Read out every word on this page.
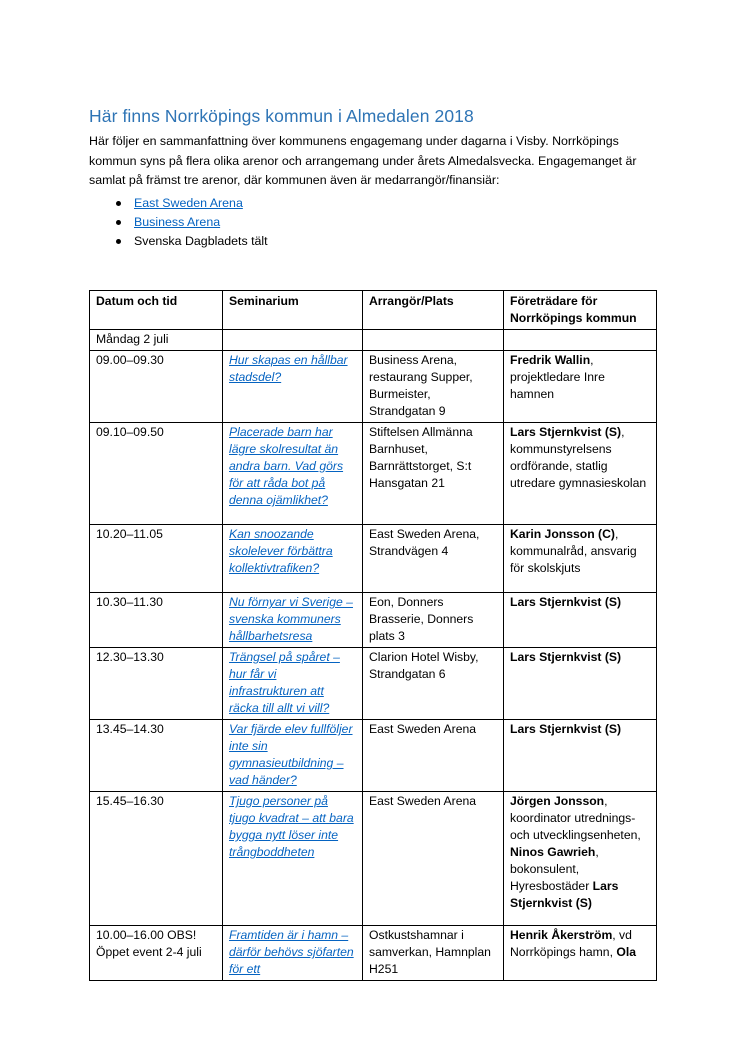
Här finns Norrköpings kommun i Almedalen 2018

Här följer en sammanfattning över kommunens engagemang under dagarna i Visby. Norrköpings kommun syns på flera olika arenor och arrangemang under årets Almedalsvecka. Engagemanget är samlat på främst tre arenor, där kommunen även är medarrangör/finansiär:

East Sweden Arena
Business Arena
Svenska Dagbladets tält
Datum och tid	Seminarium	Arrangör/Plats	Företrädare för Norrköpings kommun
Måndag 2 juli			
09.00–09.30	Hur skapas en hållbar stadsdel?	Business Arena, restaurang Supper, Burmeister, Strandgatan 9	Fredrik Wallin, projektledare Inre hamnen
09.10–09.50	Placerade barn har lägre skolresultat än andra barn. Vad görs för att råda bot på denna ojämlikhet?	Stiftelsen Allmänna Barnhuset, Barnrättstorget, S:t Hansgatan 21	Lars Stjernkvist (S), kommunstyrelsens ordförande, statlig utredare gymnasieskolan
10.20–11.05	Kan snoozande skolelever förbättra kollektivtrafiken?	East Sweden Arena, Strandvägen 4	Karin Jonsson (C), kommunalråd, ansvarig för skolskjuts
10.30–11.30	Nu förnyar vi Sverige – svenska kommuners hållbarhetsresa	Eon, Donners Brasserie, Donners plats 3	Lars Stjernkvist (S)
12.30–13.30	Trängsel på spåret – hur får vi infrastrukturen att räcka till allt vi vill?	Clarion Hotel Wisby, Strandgatan 6	Lars Stjernkvist (S)
13.45–14.30	Var fjärde elev fullföljer inte sin gymnasieutbildning – vad händer?	East Sweden Arena	Lars Stjernkvist (S)
15.45–16.30	Tjugo personer på tjugo kvadrat – att bara bygga nytt löser inte trångboddheten	East Sweden Arena	Jörgen Jonsson, koordinator utrednings- och utvecklingsenheten, Ninos Gawrieh, bokonsulent, Hyresbostäder Lars Stjernkvist (S)
10.00–16.00 OBS! Öppet event 2-4 juli	Framtiden är i hamn – därför behövs sjöfarten för ett	Ostkustshamnar i samverkan, Hamnplan H251	Henrik Åkerström, vd Norrköpings hamn, Ola
